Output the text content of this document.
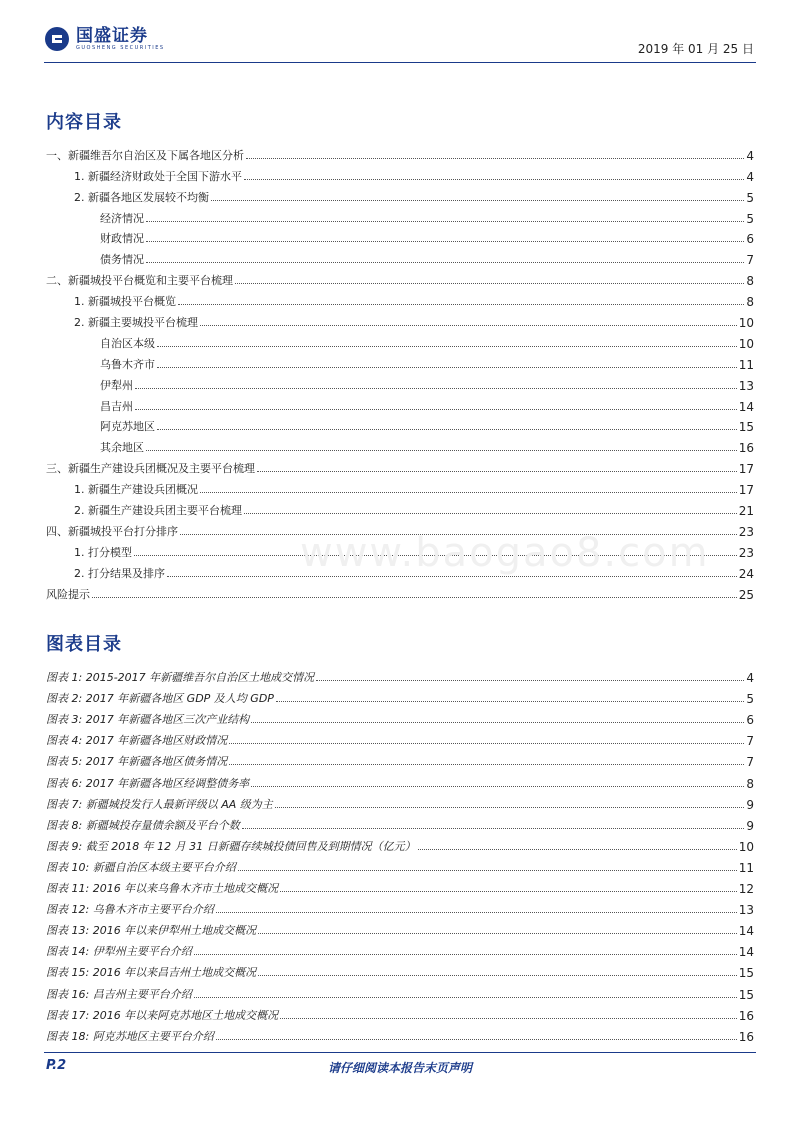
国盛证券
GUOSHENG SECURITIES	2019 年 01 月 25 日
内容目录
一、新疆维吾尔自治区及下属各地区分析	4
1. 新疆经济财政处于全国下游水平	4
2. 新疆各地区发展较不均衡	5
经济情况	5
财政情况	6
债务情况	7
二、新疆城投平台概览和主要平台梳理	8
1. 新疆城投平台概览	8
2. 新疆主要城投平台梳理	10
自治区本级	10
乌鲁木齐市	11
伊犁州	13
昌吉州	14
阿克苏地区	15
其余地区	16
三、新疆生产建设兵团概况及主要平台梳理	17
1. 新疆生产建设兵团概况	17
2. 新疆生产建设兵团主要平台梳理	21
四、新疆城投平台打分排序	23
1. 打分模型	23
2. 打分结果及排序	24
风险提示	25
www.baogao8.com
图表目录
图表 1: 2015-2017 年新疆维吾尔自治区土地成交情况	4
图表 2: 2017 年新疆各地区 GDP 及人均 GDP	5
图表 3: 2017 年新疆各地区三次产业结构	6
图表 4: 2017 年新疆各地区财政情况	7
图表 5: 2017 年新疆各地区债务情况	7
图表 6: 2017 年新疆各地区经调整债务率	8
图表 7: 新疆城投发行人最新评级以 AA 级为主	9
图表 8: 新疆城投存量债余额及平台个数	9
图表 9: 截至 2018 年 12 月 31 日新疆存续城投债回售及到期情况（亿元）	10
图表 10: 新疆自治区本级主要平台介绍	11
图表 11: 2016 年以来乌鲁木齐市土地成交概况	12
图表 12: 乌鲁木齐市主要平台介绍	13
图表 13: 2016 年以来伊犁州土地成交概况	14
图表 14: 伊犁州主要平台介绍	14
图表 15: 2016 年以来昌吉州土地成交概况	15
图表 16: 昌吉州主要平台介绍	15
图表 17: 2016 年以来阿克苏地区土地成交概况	16
图表 18: 阿克苏地区主要平台介绍	16
P.2	请仔细阅读本报告末页声明
